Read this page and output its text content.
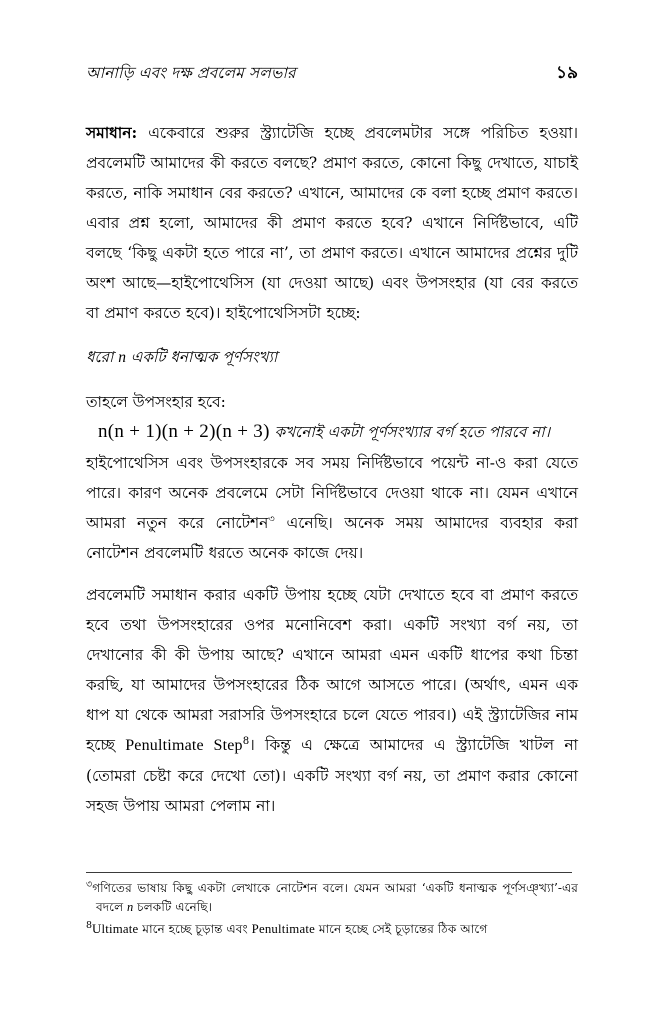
আনাড়ি এবং দক্ষ প্রবলেম সলভার	১৯

সমাধান: একেবারে শুরুর স্ট্র্যাটেজি হচ্ছে প্রবলেমটার সঙ্গে পরিচিত হওয়া। প্রবলেমটি আমাদের কী করতে বলছে? প্রমাণ করতে, কোনো কিছু দেখাতে, যাচাই করতে, নাকি সমাধান বের করতে? এখানে, আমাদের কে বলা হচ্ছে প্রমাণ করতে। এবার প্রশ্ন হলো, আমাদের কী প্রমাণ করতে হবে? এখানে নির্দিষ্টভাবে, এটি বলছে ‘কিছু একটা হতে পারে না’, তা প্রমাণ করতে। এখানে আমাদের প্রশ্নের দুটি অংশ আছে—হাইপোথেসিস (যা দেওয়া আছে) এবং উপসংহার (যা বের করতে বা প্রমাণ করতে হবে)। হাইপোথেসিসটা হচ্ছে:

ধরো n একটি ধনাত্মক পূর্ণসংখ্যা

তাহলে উপসংহার হবে:

n(n + 1)(n + 2)(n + 3) কখনোই একটা পূর্ণসংখ্যার বর্গ হতে পারবে না।

হাইপোথেসিস এবং উপসংহারকে সব সময় নির্দিষ্টভাবে পয়েন্ট না-ও করা যেতে পারে। কারণ অনেক প্রবলেমে সেটা নির্দিষ্টভাবে দেওয়া থাকে না। যেমন এখানে আমরা নতুন করে নোটেশন$^৩$ এনেছি। অনেক সময় আমাদের ব্যবহার করা নোটেশন প্রবলেমটি ধরতে অনেক কাজে দেয়।

প্রবলেমটি সমাধান করার একটি উপায় হচ্ছে যেটা দেখাতে হবে বা প্রমাণ করতে হবে তথা উপসংহারের ওপর মনোনিবেশ করা। একটি সংখ্যা বর্গ নয়, তা দেখানোর কী কী উপায় আছে? এখানে আমরা এমন একটি ধাপের কথা চিন্তা করছি, যা আমাদের উপসংহারের ঠিক আগে আসতে পারে। (অর্থাৎ, এমন এক ধাপ যা থেকে আমরা সরাসরি উপসংহারে চলে যেতে পারব।) এই স্ট্র্যাটেজির নাম হচ্ছে Penultimate Step$^8$। কিন্তু এ ক্ষেত্রে আমাদের এ স্ট্র্যাটেজি খাটল না (তোমরা চেষ্টা করে দেখো তো)। একটি সংখ্যা বর্গ নয়, তা প্রমাণ করার কোনো সহজ উপায় আমরা পেলাম না।

$^৩$গণিতের ভাষায় কিছু একটা লেখাকে নোটেশন বলে। যেমন আমরা ‘একটি ধনাত্মক পূর্ণসঞ্খ্যা’-এর বদলে n চলকটি এনেছি।

$^8$Ultimate মানে হচ্ছে চূড়ান্ত এবং Penultimate মানে হচ্ছে সেই চূড়ান্তের ঠিক আগে
